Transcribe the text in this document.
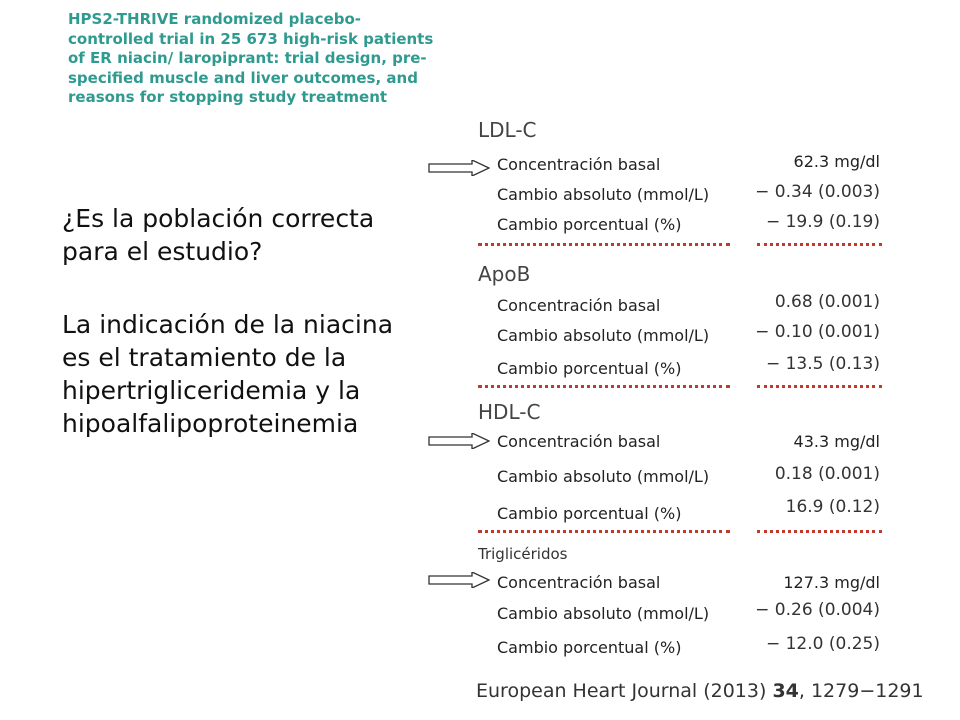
HPS2-THRIVE randomized placebo-controlled trial in 25 673 high-risk patients of ER niacin/ laropiprant: trial design, pre-specified muscle and liver outcomes, and reasons for stopping study treatment

¿Es la población correcta para el estudio?

La indicación de la niacina es el tratamiento de la hipertrigliceridemia y la hipoalfalipoproteinemia

LDL-C
Concentración basal	62.3 mg/dl
Cambio absoluto (mmol/L)	− 0.34 (0.003)
Cambio porcentual (%)	− 19.9 (0.19)
ApoB
Concentración basal	0.68 (0.001)
Cambio absoluto (mmol/L)	− 0.10 (0.001)
Cambio porcentual (%)	− 13.5 (0.13)
HDL-C
Concentración basal	43.3 mg/dl
Cambio absoluto (mmol/L)	0.18 (0.001)
Cambio porcentual (%)	16.9 (0.12)
Triglicéridos
Concentración basal	127.3 mg/dl
Cambio absoluto (mmol/L)	− 0.26 (0.004)
Cambio porcentual (%)	− 12.0 (0.25)
European Heart Journal (2013) 34, 1279−1291
